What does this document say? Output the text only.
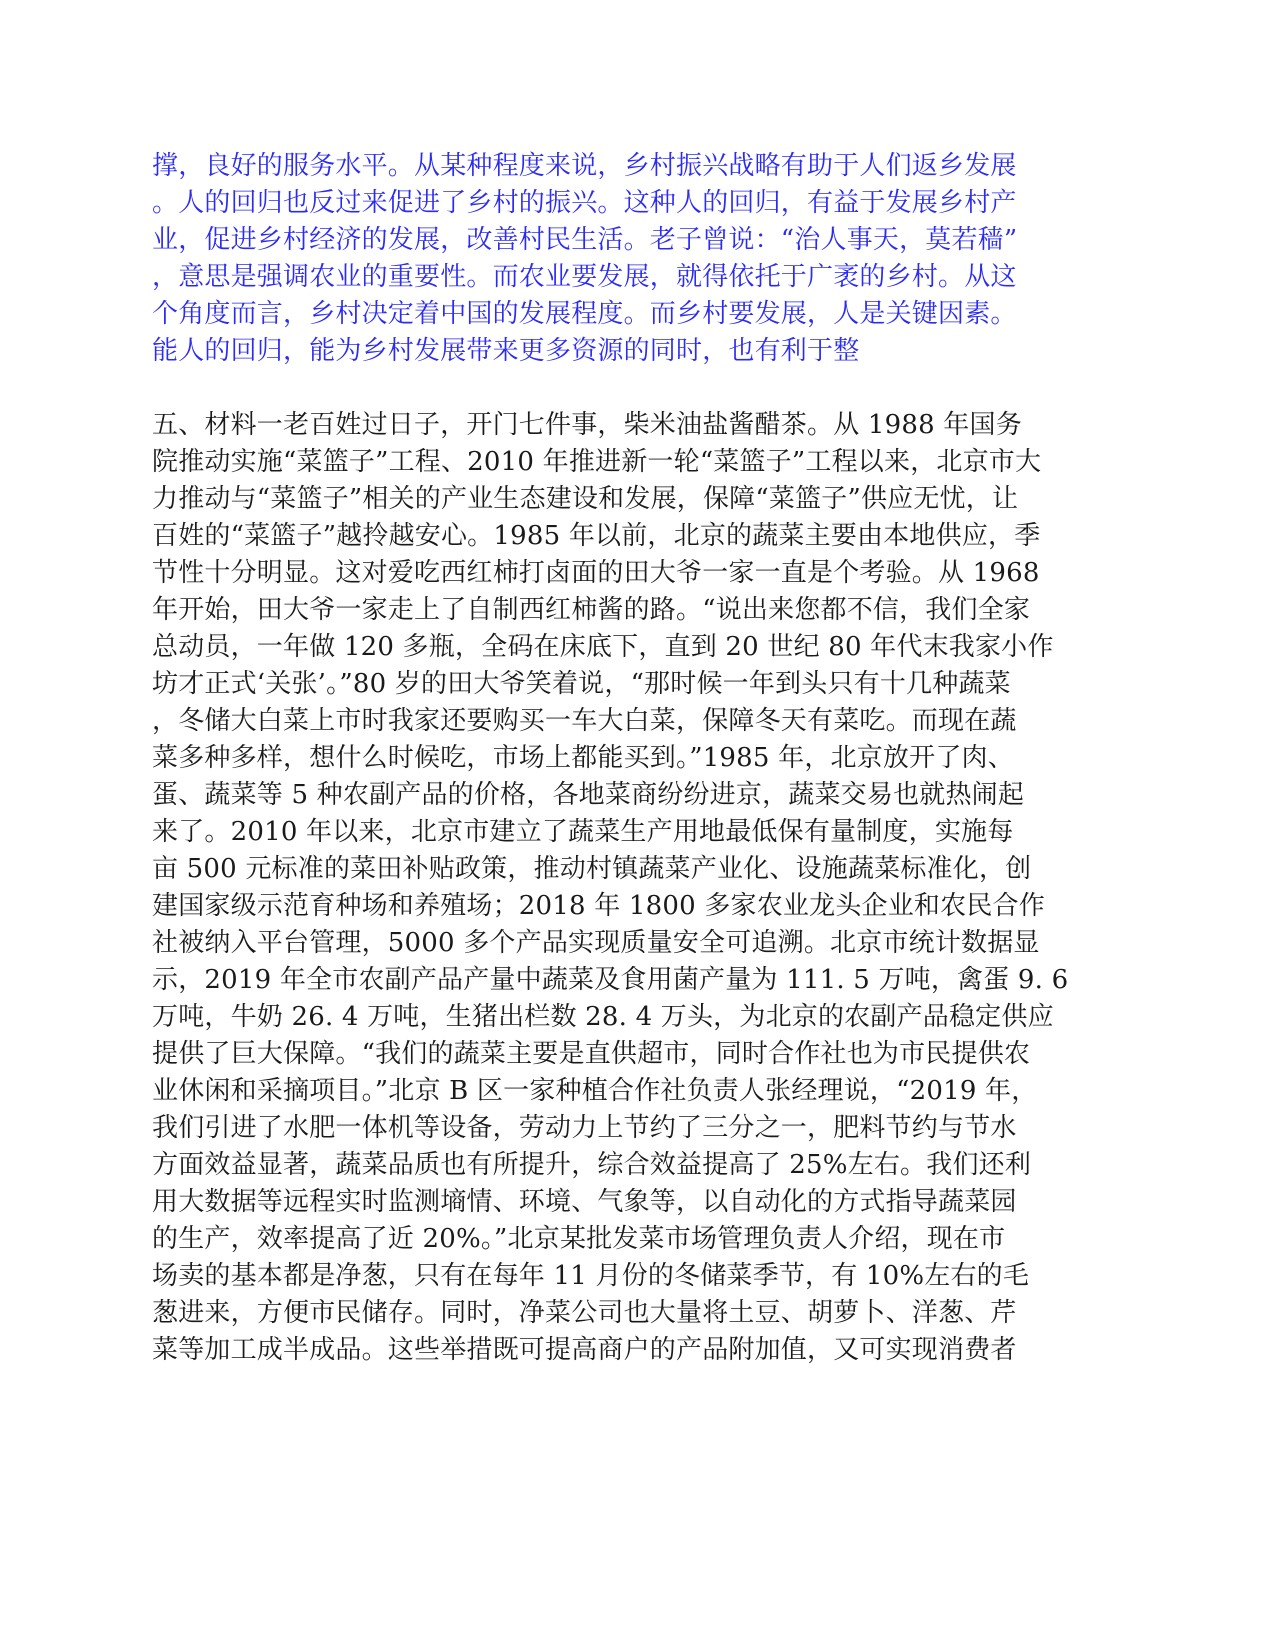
撑，良好的服务水平。从某种程度来说，乡村振兴战略有助于人们返乡发展
。人的回归也反过来促进了乡村的振兴。这种人的回归，有益于发展乡村产
业，促进乡村经济的发展，改善村民生活。老子曾说：“治人事天，莫若穑”
，意思是强调农业的重要性。而农业要发展，就得依托于广袤的乡村。从这
个角度而言，乡村决定着中国的发展程度。而乡村要发展，人是关键因素。
能人的回归，能为乡村发展带来更多资源的同时，也有利于整
五、材料一老百姓过日子，开门七件事，柴米油盐酱醋茶。从 1988 年国务
院推动实施“菜篮子”工程、2010 年推进新一轮“菜篮子”工程以来，北京市大
力推动与“菜篮子”相关的产业生态建设和发展，保障“菜篮子”供应无忧，让
百姓的“菜篮子”越拎越安心。1985 年以前，北京的蔬菜主要由本地供应，季
节性十分明显。这对爱吃西红柿打卤面的田大爷一家一直是个考验。从 1968
年开始，田大爷一家走上了自制西红柿酱的路。“说出来您都不信，我们全家
总动员，一年做 120 多瓶，全码在床底下，直到 20 世纪 80 年代末我家小作
坊才正式‘关张’。”80 岁的田大爷笑着说，“那时候一年到头只有十几种蔬菜
，冬储大白菜上市时我家还要购买一车大白菜，保障冬天有菜吃。而现在蔬
菜多种多样，想什么时候吃，市场上都能买到。”1985 年，北京放开了肉、
蛋、蔬菜等 5 种农副产品的价格，各地菜商纷纷进京，蔬菜交易也就热闹起
来了。2010 年以来，北京市建立了蔬菜生产用地最低保有量制度，实施每
亩 500 元标准的菜田补贴政策，推动村镇蔬菜产业化、设施蔬菜标准化，创
建国家级示范育种场和养殖场；2018 年 1800 多家农业龙头企业和农民合作
社被纳入平台管理，5000 多个产品实现质量安全可追溯。北京市统计数据显
示，2019 年全市农副产品产量中蔬菜及食用菌产量为 111. 5 万吨，禽蛋 9. 6
万吨，牛奶 26. 4 万吨，生猪出栏数 28. 4 万头，为北京的农副产品稳定供应
提供了巨大保障。“我们的蔬菜主要是直供超市，同时合作社也为市民提供农
业休闲和采摘项目。”北京 B 区一家种植合作社负责人张经理说，“2019 年，
我们引进了水肥一体机等设备，劳动力上节约了三分之一，肥料节约与节水
方面效益显著，蔬菜品质也有所提升，综合效益提高了 25%左右。我们还利
用大数据等远程实时监测墒情、环境、气象等，以自动化的方式指导蔬菜园
的生产，效率提高了近 20%。”北京某批发菜市场管理负责人介绍，现在市
场卖的基本都是净葱，只有在每年 11 月份的冬储菜季节，有 10%左右的毛
葱进来，方便市民储存。同时，净菜公司也大量将土豆、胡萝卜、洋葱、芹
菜等加工成半成品。这些举措既可提高商户的产品附加值，又可实现消费者
